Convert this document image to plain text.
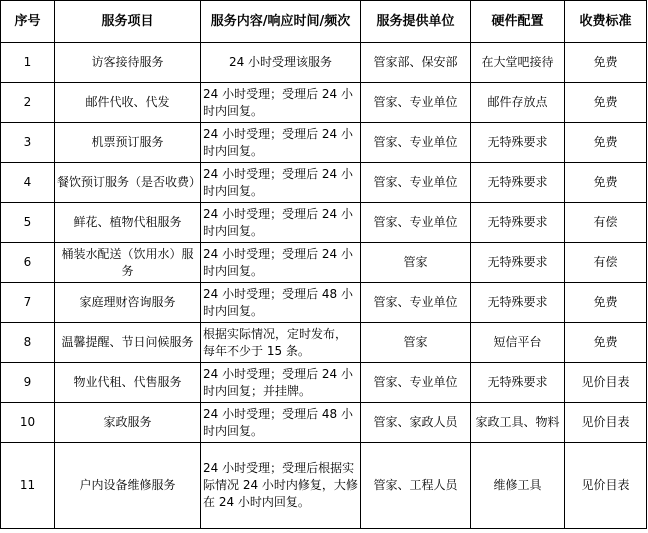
序号	服务项目	服务内容/响应时间/频次	服务提供单位	硬件配置	收费标准
1	访客接待服务	24 小时受理该服务	管家部、保安部	在大堂吧接待	免费
2	邮件代收、代发	24 小时受理；受理后 24 小时内回复。	管家、专业单位	邮件存放点	免费
3	机票预订服务	24 小时受理；受理后 24 小时内回复。	管家、专业单位	无特殊要求	免费
4	餐饮预订服务（是否收费）	24 小时受理；受理后 24 小时内回复。	管家、专业单位	无特殊要求	免费
5	鲜花、植物代租服务	24 小时受理；受理后 24 小时内回复。	管家、专业单位	无特殊要求	有偿
6	桶装水配送（饮用水）服务	24 小时受理；受理后 24 小时内回复。	管家	无特殊要求	有偿
7	家庭理财咨询服务	24 小时受理；受理后 48 小时内回复。	管家、专业单位	无特殊要求	免费
8	温馨提醒、节日问候服务	根据实际情况，定时发布，每年不少于 15 条。	管家	短信平台	免费
9	物业代租、代售服务	24 小时受理；受理后 24 小时内回复；并挂牌。	管家、专业单位	无特殊要求	见价目表
10	家政服务	24 小时受理；受理后 48 小时内回复。	管家、家政人员	家政工具、物料	见价目表
11	户内设备维修服务	24 小时受理；受理后根据实际情况 24 小时内修复，大修在 24 小时内回复。	管家、工程人员	维修工具	见价目表
